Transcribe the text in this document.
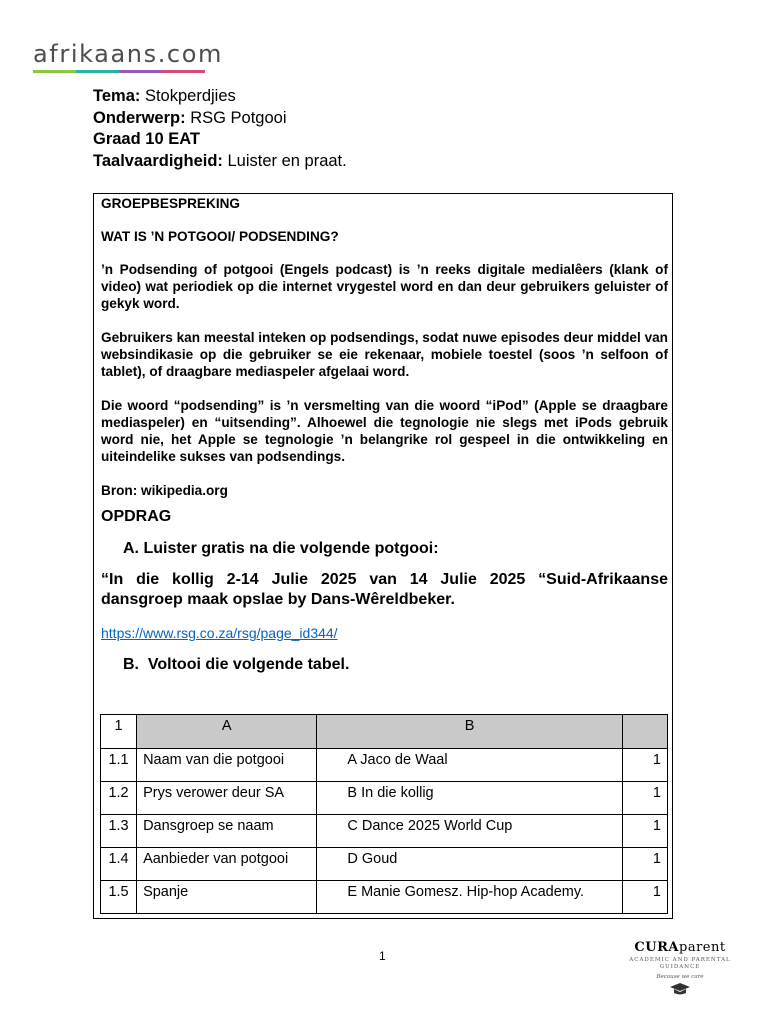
afrikaans.com
Tema: Stokperdjies
Onderwerp: RSG Potgooi
Graad 10 EAT
Taalvaardigheid: Luister en praat.

GROEPBESPREKING

WAT IS ’N POTGOOI/ PODSENDING?

’n Podsending of potgooi (Engels podcast) is ’n reeks digitale medialêers (klank of video) wat periodiek op die internet vrygestel word en dan deur gebruikers geluister of gekyk word.

Gebruikers kan meestal inteken op podsendings, sodat nuwe episodes deur middel van websindikasie op die gebruiker se eie rekenaar, mobiele toestel (soos ’n selfoon of tablet), of draagbare mediaspeler afgelaai word.

Die woord “podsending” is ’n versmelting van die woord “iPod” (Apple se draagbare mediaspeler) en “uitsending”. Alhoewel die tegnologie nie slegs met iPods gebruik word nie, het Apple se tegnologie ’n belangrike rol gespeel in die ontwikkeling en uiteindelike sukses van podsendings.

Bron: wikipedia.org

OPDRAG
A. Luister gratis na die volgende potgooi:
“In die kollig 2-14 Julie 2025 van 14 Julie 2025 “Suid-Afrikaanse dansgroep maak opslae by Dans-Wêreldbeker.
https://www.rsg.co.za/rsg/page_id344/
B. Voltooi die volgende tabel.
1	A	B	
1.1	Naam van die potgooi	A Jaco de Waal	1
1.2	Prys verower deur SA	B In die kollig	1
1.3	Dansgroep se naam	C Dance 2025 World Cup	1
1.4	Aanbieder van potgooi	D Goud	1
1.5	Spanje	E Manie Gomesz. Hip-hop Academy.	1
1
CURAparent
ACADEMIC AND PARENTAL GUIDANCE
Because we care
